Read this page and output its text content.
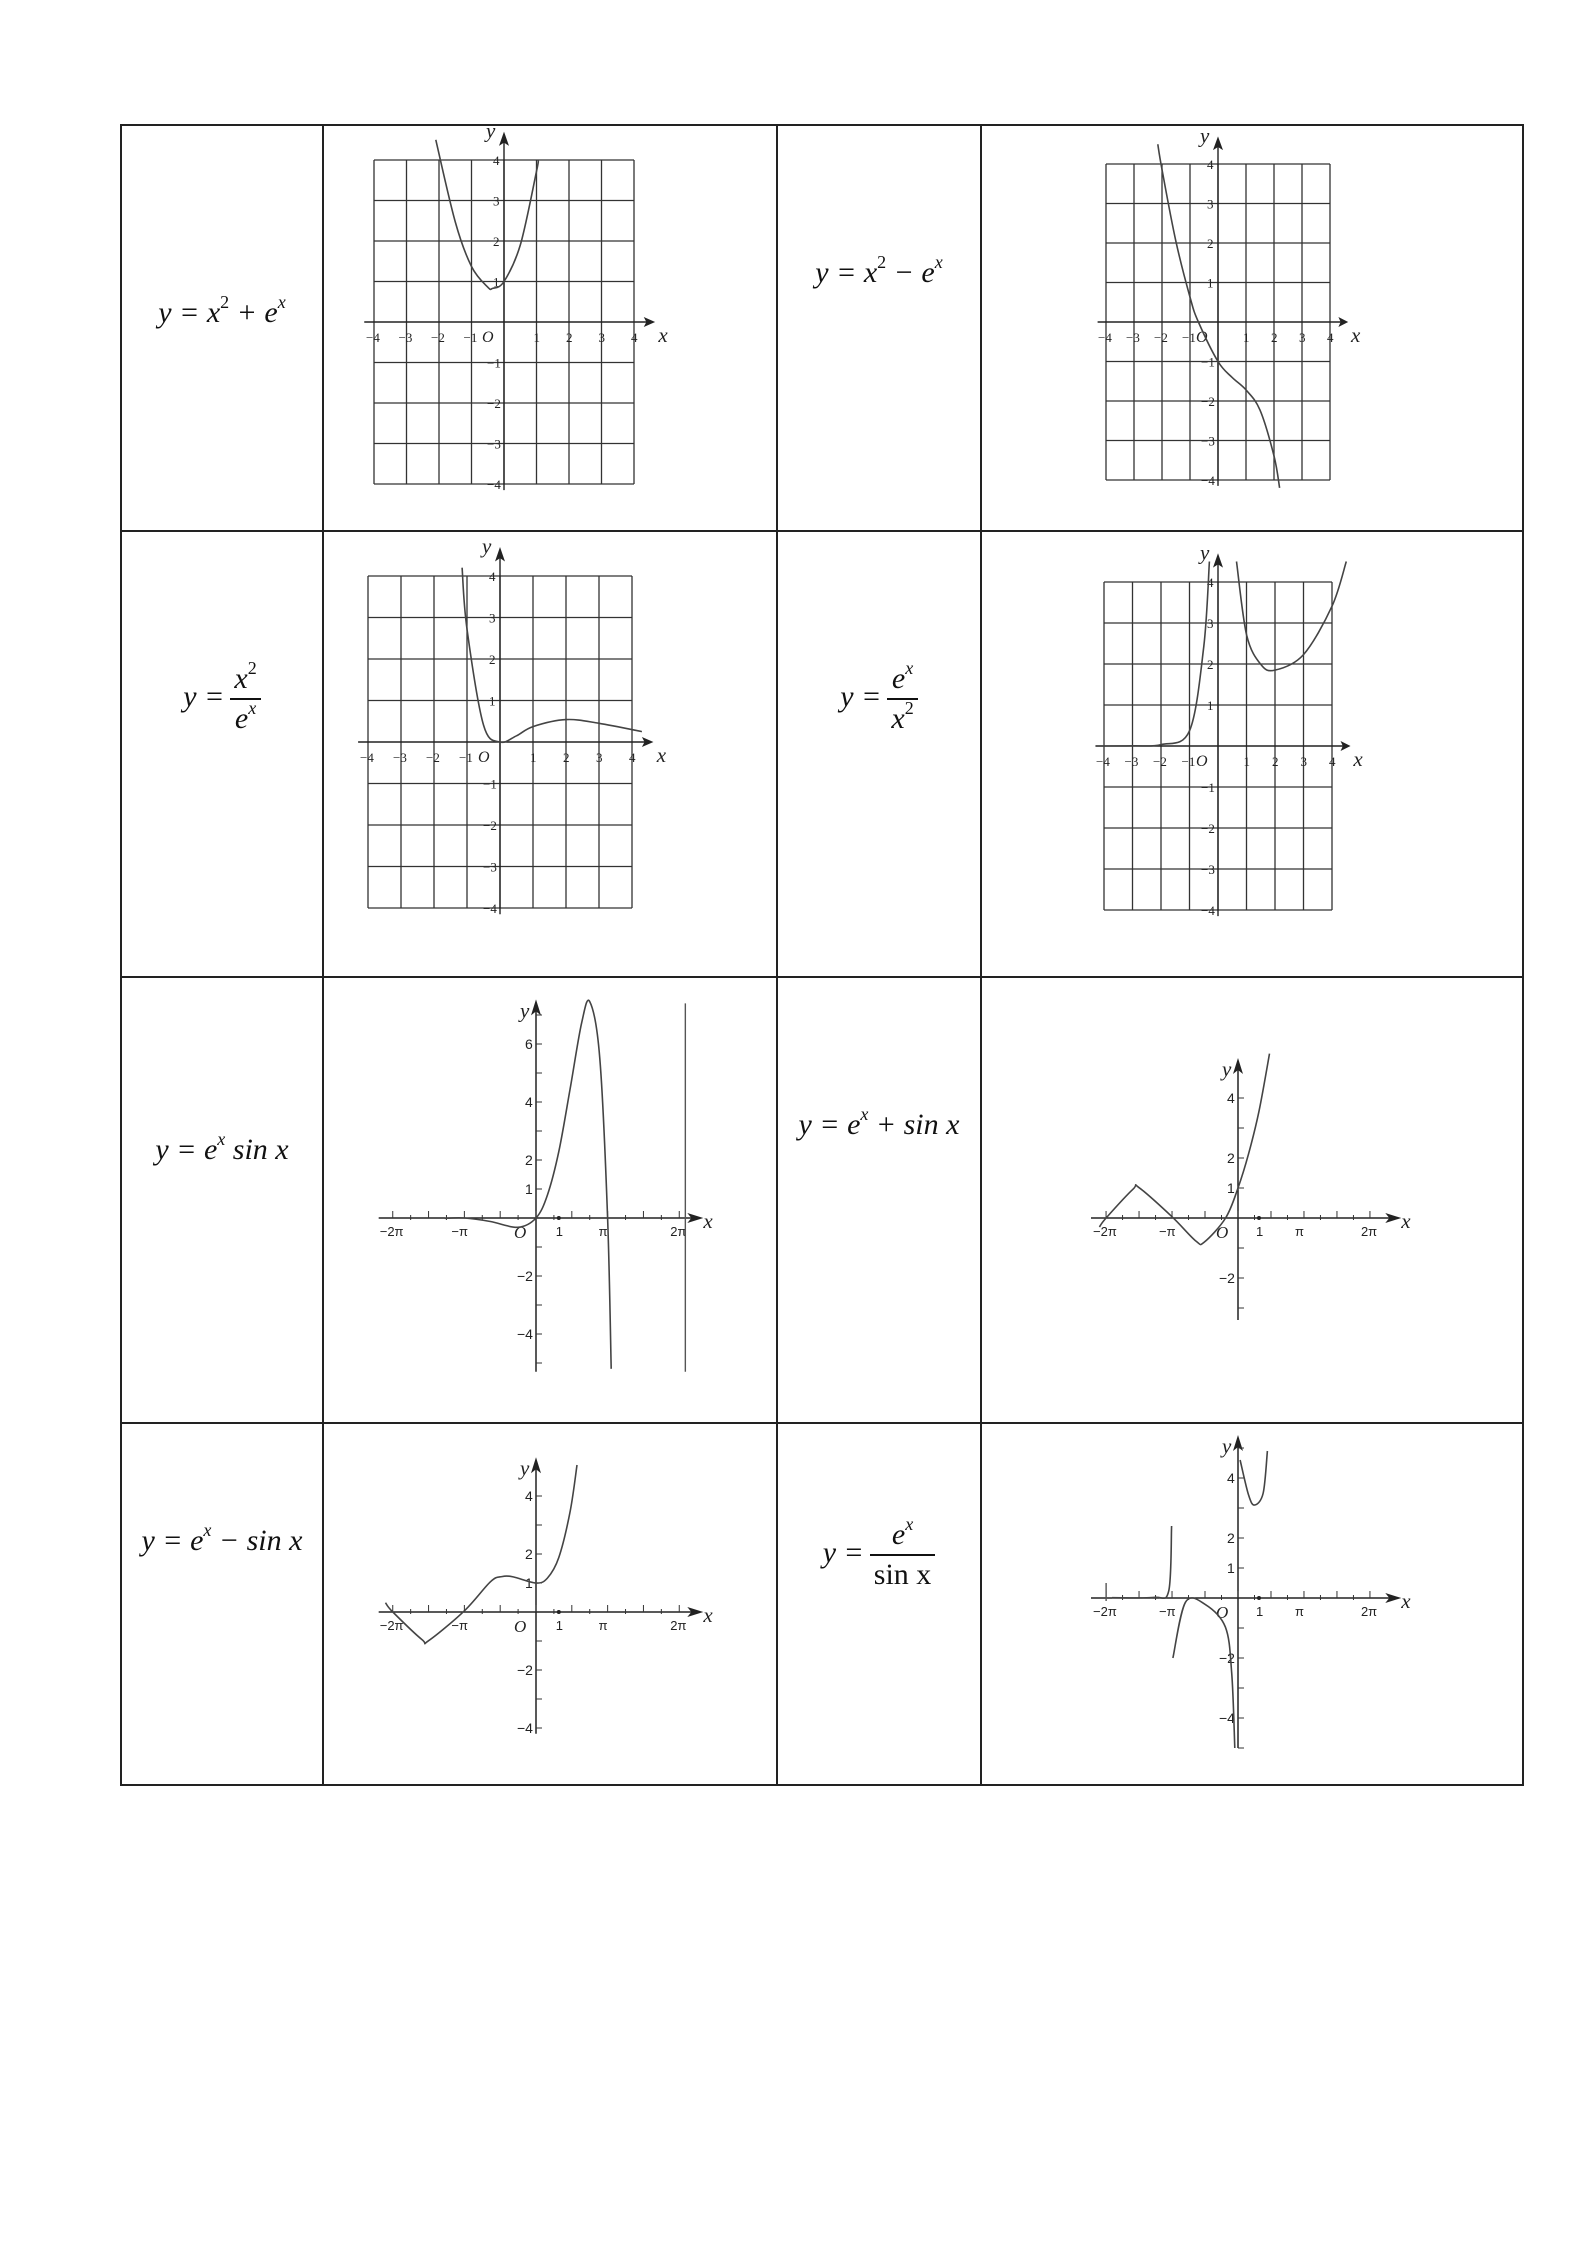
$y = x^2 + e^x$

−4 −3 −2 −1	1 2 3 4
4
3
2
1
−1
−2
−3
−4
O	x
y

$y = x^2 - e^x$

−4 −3 −2 −1	1 2 3 4
4
3
2
1
−1
−2
−3
−4
O	x
y

$y = \frac{x^2}{e^x}$

−4 −3 −2 −1	1 2 3 4
4
3
2
1
−1
−2
−3
−4
O	x
y

$y = \frac{e^x}{x^2}$

−4 −3 −2 −1	1 2 3 4
4
3
2
1
−1
−2
−3
−4
O	x
y

$y = e^x$ sin x

−2π	−π	1	π	2π
6
4
2
1
−2
−4
O	x
y

$y = e^x + \sin x$

−2π	−π	1 π	2π
4
2
1
−2
O	x
y

$y = e^x - \sin x$

−2π	−π	1	π	2π
4
2
1
−2
−4
O	x
y

$y = \frac{e^x}{\text{sin x}}$

−2π	−π	1 π	2π
4
2
1
−2
−4
O	x
y
